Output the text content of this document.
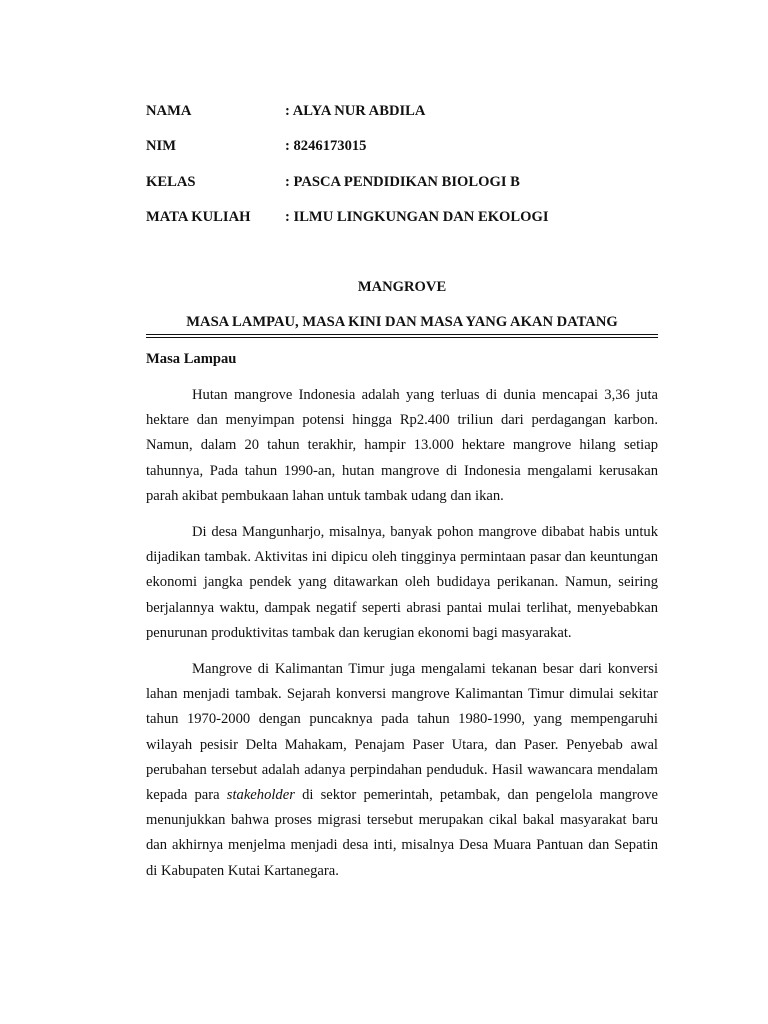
NAMA	: ALYA NUR ABDILA
NIM	: 8246173015
KELAS	: PASCA PENDIDIKAN BIOLOGI B
MATA KULIAH	: ILMU LINGKUNGAN DAN EKOLOGI
MANGROVE
MASA LAMPAU, MASA KINI DAN MASA YANG AKAN DATANG
Masa Lampau

Hutan mangrove Indonesia adalah yang terluas di dunia mencapai 3,36 juta hektare dan menyimpan potensi hingga Rp2.400 triliun dari perdagangan karbon. Namun, dalam 20 tahun terakhir, hampir 13.000 hektare mangrove hilang setiap tahunnya, Pada tahun 1990-an, hutan mangrove di Indonesia mengalami kerusakan parah akibat pembukaan lahan untuk tambak udang dan ikan.

Di desa Mangunharjo, misalnya, banyak pohon mangrove dibabat habis untuk dijadikan tambak. Aktivitas ini dipicu oleh tingginya permintaan pasar dan keuntungan ekonomi jangka pendek yang ditawarkan oleh budidaya perikanan. Namun, seiring berjalannya waktu, dampak negatif seperti abrasi pantai mulai terlihat, menyebabkan penurunan produktivitas tambak dan kerugian ekonomi bagi masyarakat.

Mangrove di Kalimantan Timur juga mengalami tekanan besar dari konversi lahan menjadi tambak. Sejarah konversi mangrove Kalimantan Timur dimulai sekitar tahun 1970-2000 dengan puncaknya pada tahun 1980-1990, yang mempengaruhi wilayah pesisir Delta Mahakam, Penajam Paser Utara, dan Paser. Penyebab awal perubahan tersebut adalah adanya perpindahan penduduk. Hasil wawancara mendalam kepada para stakeholder di sektor pemerintah, petambak, dan pengelola mangrove menunjukkan bahwa proses migrasi tersebut merupakan cikal bakal masyarakat baru dan akhirnya menjelma menjadi desa inti, misalnya Desa Muara Pantuan dan Sepatin di Kabupaten Kutai Kartanegara.
